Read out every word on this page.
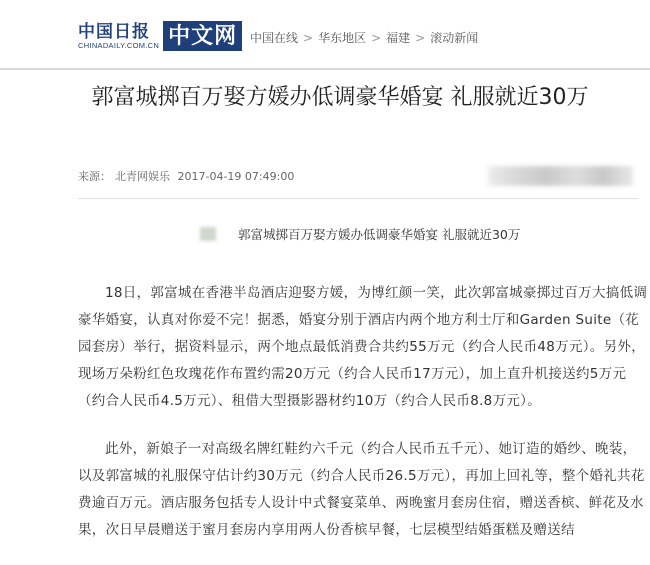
中国日报
CHINADAILY.COM.CN 中文网	中国在线 > 华东地区 > 福建 > 滚动新闻
郭富城掷百万娶方媛办低调豪华婚宴 礼服就近30万
来源： 北青网娱乐 2017-04-19 07:49:00
郭富城掷百万娶方媛办低调豪华婚宴 礼服就近30万

18日，郭富城在香港半岛酒店迎娶方媛，为博红颜一笑，此次郭富城豪掷过百万大搞低调豪华婚宴，认真对你爱不完！据悉，婚宴分别于酒店内两个地方利士厅和Garden Suite（花园套房）举行，据资料显示，两个地点最低消费合共约55万元（约合人民币48万元）。另外，现场万朵粉红色玫瑰花作布置约需20万元（约合人民币17万元），加上直升机接送约5万元（约合人民币4.5万元）、租借大型摄影器材约10万（约合人民币8.8万元）。

此外，新娘子一对高级名牌红鞋约六千元（约合人民币五千元）、她订造的婚纱、晚装，以及郭富城的礼服保守估计约30万元（约合人民币26.5万元），再加上回礼等，整个婚礼共花费逾百万元。酒店服务包括专人设计中式餐宴菜单、两晚蜜月套房住宿，赠送香槟、鲜花及水果，次日早晨赠送于蜜月套房内享用两人份香槟早餐，七层模型结婚蛋糕及赠送结
